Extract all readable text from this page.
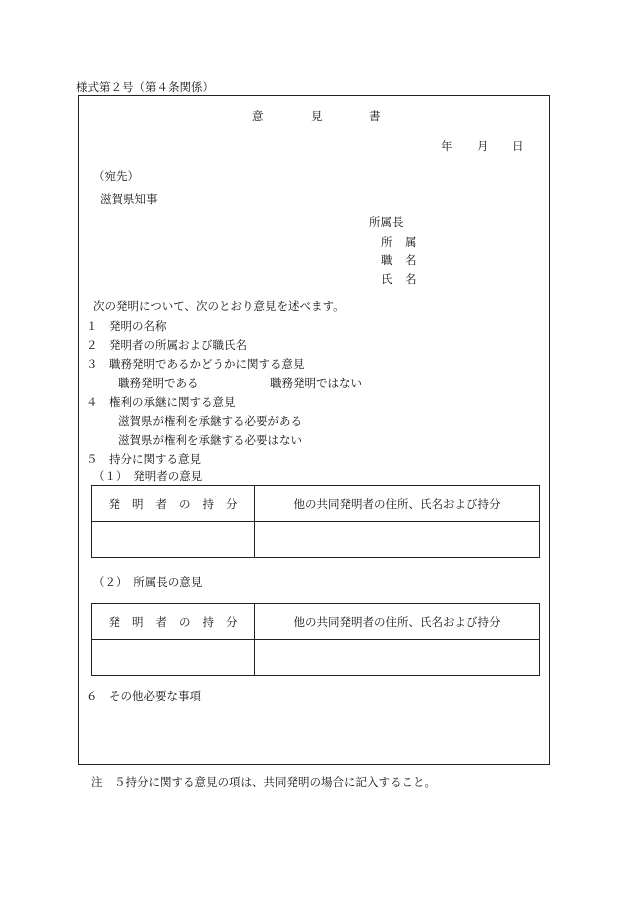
様式第２号（第４条関係）
意	見	書
年 月 日
（宛先）
滋賀県知事
所属長
所 属
職 名
氏 名
次の発明について、次のとおり意見を述べます。
１　発明の名称
２　発明者の所属および職氏名
３　職務発明であるかどうかに関する意見
職務発明である	職務発明ではない
４　権利の承継に関する意見
滋賀県が権利を承継する必要がある
滋賀県が権利を承継する必要はない
５　持分に関する意見
（１）　発明者の意見
発 明 者 の 持 分	他の共同発明者の住所、氏名および持分

（２）　所属長の意見
発 明 者 の 持 分	他の共同発明者の住所、氏名および持分

６　その他必要な事項
注　５持分に関する意見の項は、共同発明の場合に記入すること。
